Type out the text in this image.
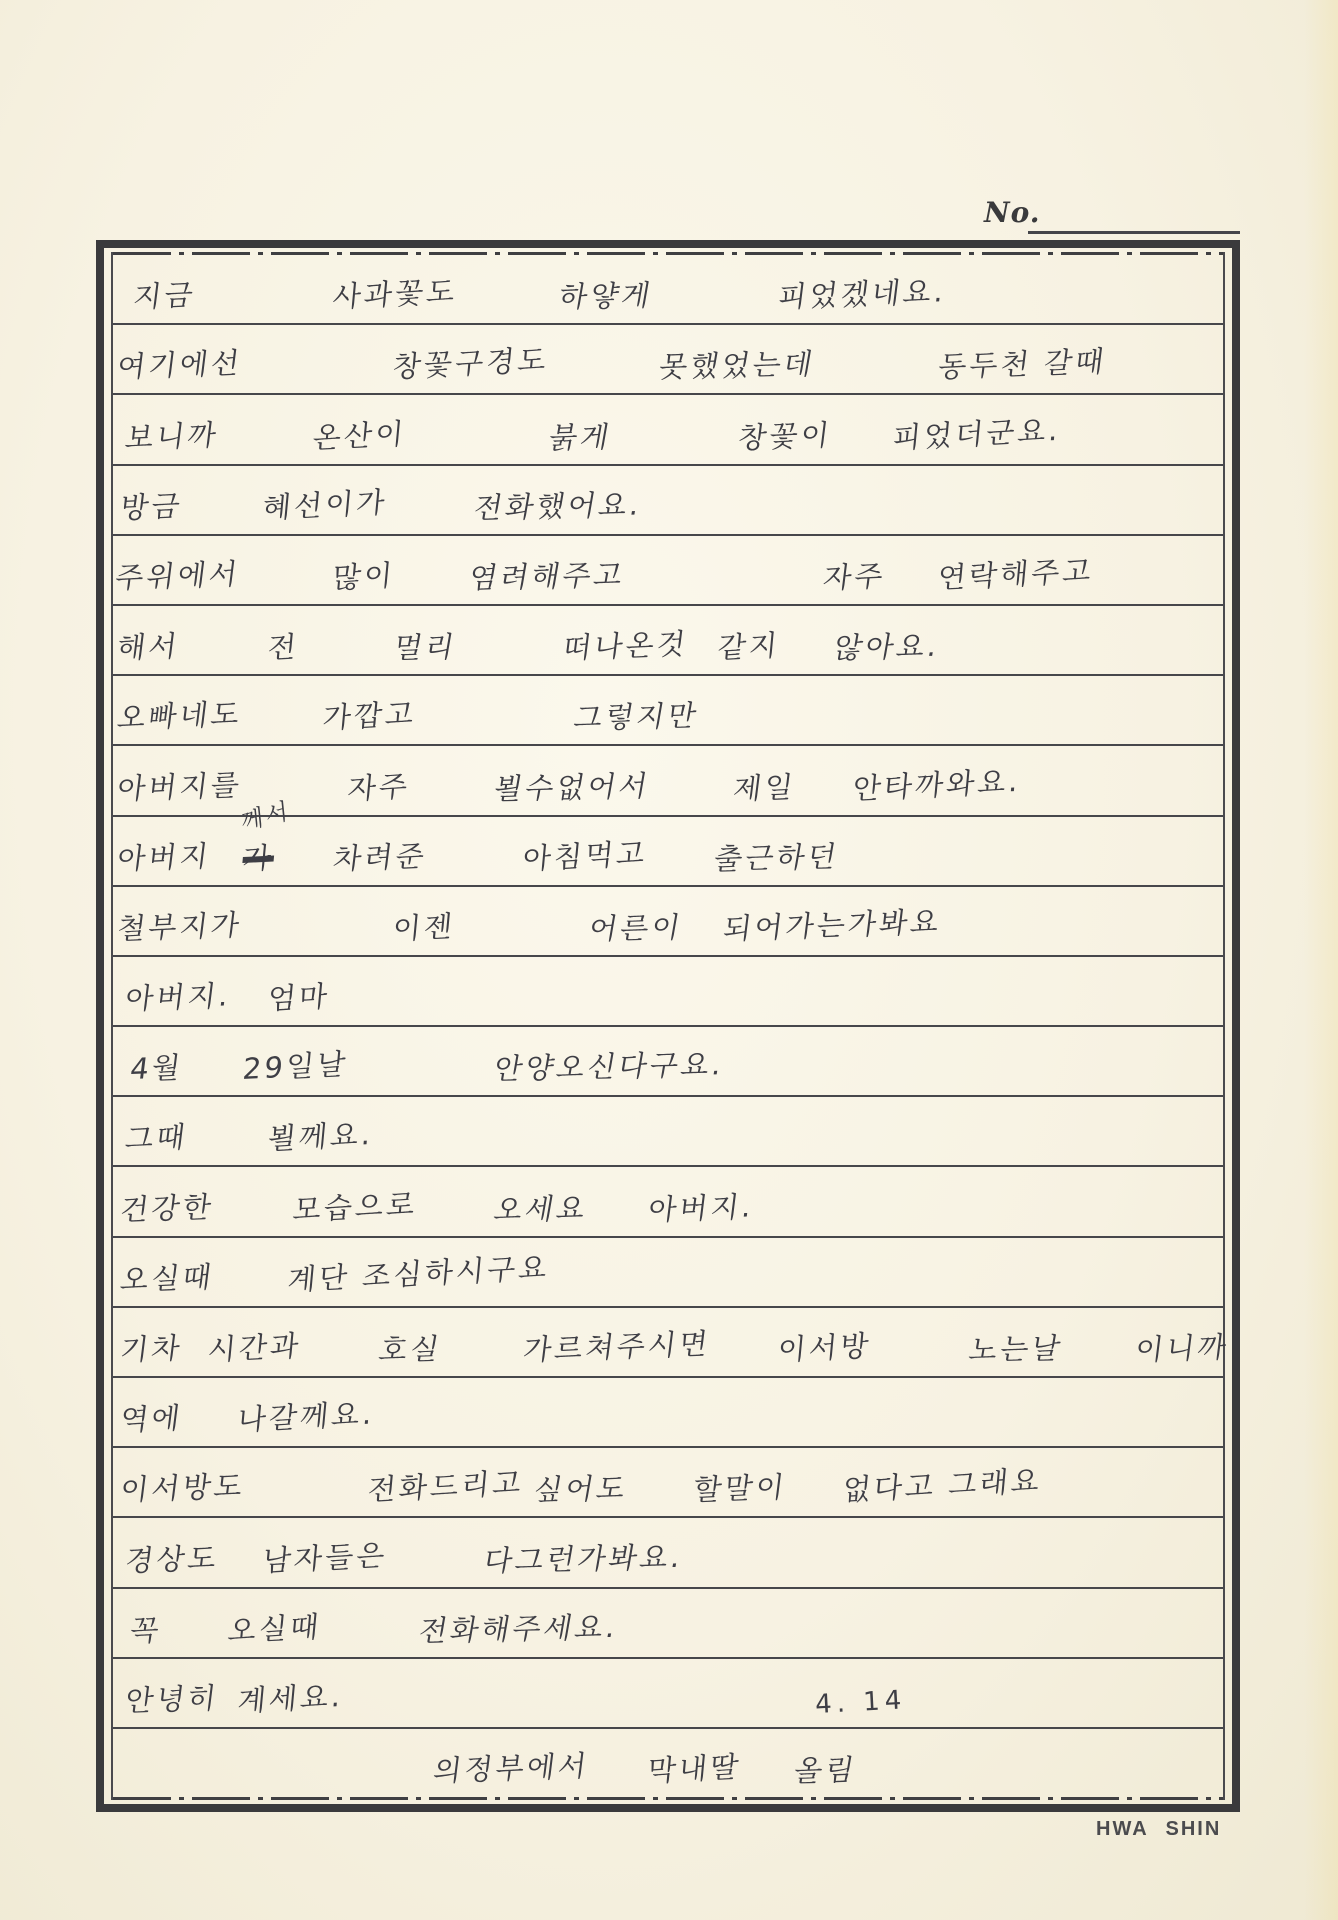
No.
지금	사과꽃도	하얗게	피었겠네요.
여기에선	창꽃구경도	못했었는데	동두천 갈때
보니까	온산이	붉게	창꽃이 피었더군요.
방금	혜선이가	전화했어요.
주위에서	많이 염려해주고	자주 연락해주고
해서	전	멀리	떠나온것 같지 않아요.
오빠네도	가깝고	그렇지만
아버지를	자주	뵐수없어서	제일 안타까와요.
아버지 가
께서
차려준	아침먹고 출근하던
철부지가	이젠	어른이 되어가는가봐요
아버지. 엄마
4월 29일날	안양오신다구요.
그때	뵐께요.
건강한	모습으로 오세요 아버지.
오실때 계단 조심하시구요
기차 시간과	호실	가르쳐주시면 이서방	노는날 이니까
역에 나갈께요.
이서방도	전화드리고 싶어도 할말이 없다고 그래요
경상도 남자들은	다그런가봐요.
꼭 오실때	전화해주세요.
안녕히 계세요.	4. 14
의정부에서 막내딸 올림
HWA SHIN
